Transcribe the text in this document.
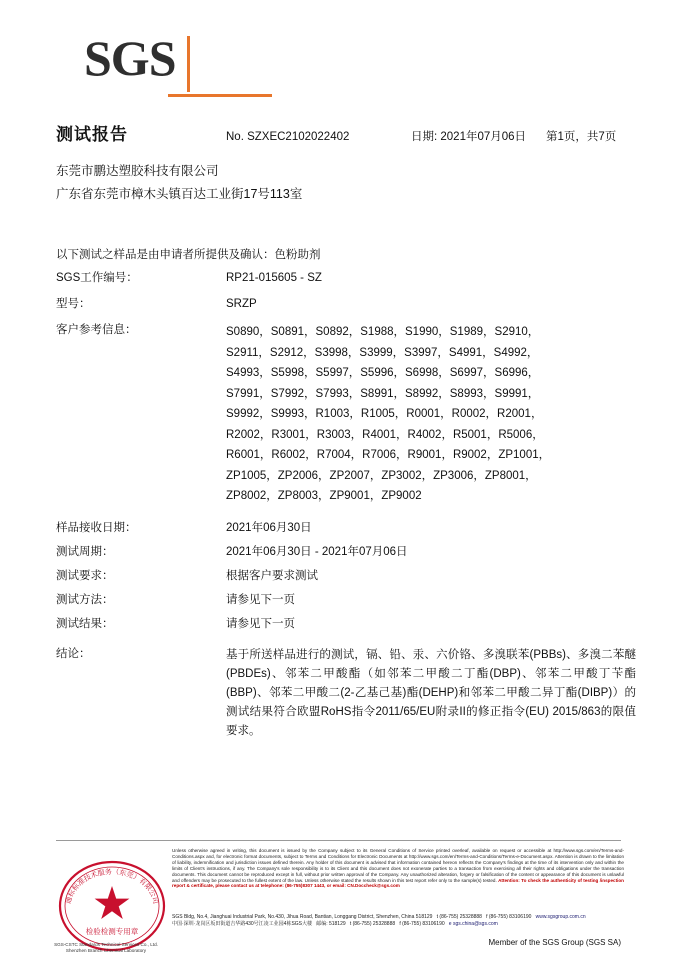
SGS
测试报告	No. SZXEC2102022402	日期: 2021年07月06日	第1页，共7页
东莞市鹏达塑胶科技有限公司
广东省东莞市樟木头镇百达工业街17号113室
以下测试之样品是由申请者所提供及确认：色粉助剂
SGS工作编号：	RP21-015605 - SZ
型号：	SRZP
客户参考信息：	S0890，S0891，S0892，S1988，S1990，S1989，S2910，
S2911，S2912，S3998，S3999，S3997，S4991，S4992，
S4993，S5998，S5997，S5996，S6998，S6997，S6996，
S7991，S7992，S7993，S8991，S8992，S8993，S9991，
S9992，S9993，R1003，R1005，R0001，R0002，R2001，
R2002，R3001，R3003，R4001，R4002，R5001，R5006，
R6001，R6002，R7004，R7006，R9001，R9002，ZP1001，
ZP1005，ZP2006，ZP2007，ZP3002，ZP3006，ZP8001，
ZP8002，ZP8003，ZP9001，ZP9002
样品接收日期：	2021年06月30日
测试周期：	2021年06月30日 - 2021年07月06日
测试要求：	根据客户要求测试
测试方法：	请参见下一页
测试结果：	请参见下一页
结论：	基于所送样品进行的测试，镉、铅、汞、六价铬、多溴联苯(PBBs)、多溴二苯醚(PBDEs)、邻苯二甲酸酯（如邻苯二甲酸二丁酯(DBP)、邻苯二甲酸丁苄酯(BBP)、邻苯二甲酸二(2-乙基己基)酯(DEHP)和邻苯二甲酸二异丁酯(DIBP)）的测试结果符合欧盟RoHS指令2011/65/EU附录II的修正指令(EU) 2015/863的限值要求。
通标标准技术服务（东莞）有限公司
检验检测专用章
Unless otherwise agreed in writing, this document is issued by the Company subject to its General Conditions of Service printed overleaf, available on request or accessible at http://www.sgs.com/en/Terms-and-Conditions.aspx and, for electronic format documents, subject to Terms and Conditions for Electronic Documents at http://www.sgs.com/en/Terms-and-Conditions/Terms-e-Document.aspx. Attention is drawn to the limitation of liability, indemnification and jurisdiction issues defined therein. Any holder of this document is advised that information contained hereon reflects the Company's findings at the time of its intervention only and within the limits of Client's instructions, if any. The Company's sole responsibility is to its Client and this document does not exonerate parties to a transaction from exercising all their rights and obligations under the transaction documents. This document cannot be reproduced except in full, without prior written approval of the Company. Any unauthorized alteration, forgery or falsification of the content or appearance of this document is unlawful and offenders may be prosecuted to the fullest extent of the law. Unless otherwise stated the results shown in this test report refer only to the sample(s) tested. Attention: To check the authenticity of testing /inspection report & certificate, please contact us at telephone: (86-755)8307 1443, or email: CN.Doccheck@sgs.com
SGS Bldg, No.4, Jianghuai Industrial Park, No.430, Jihua Road, Bantian, Longgang District, Shenzhen, China 518129 t (86-755) 25328888 f (86-755) 83106190 www.sgsgroup.com.cn
中国·深圳·龙岗区坂田街道吉华路430号江凌工业园4栋SGS大楼 邮编: 518129 t (86-755) 25328888 f (86-755) 83106190 e sgs.china@sgs.com
SGS-CSTC Standards Technical Services Co., Ltd.
Shenzhen Branch Chemical Laboratory
Member of the SGS Group (SGS SA)
